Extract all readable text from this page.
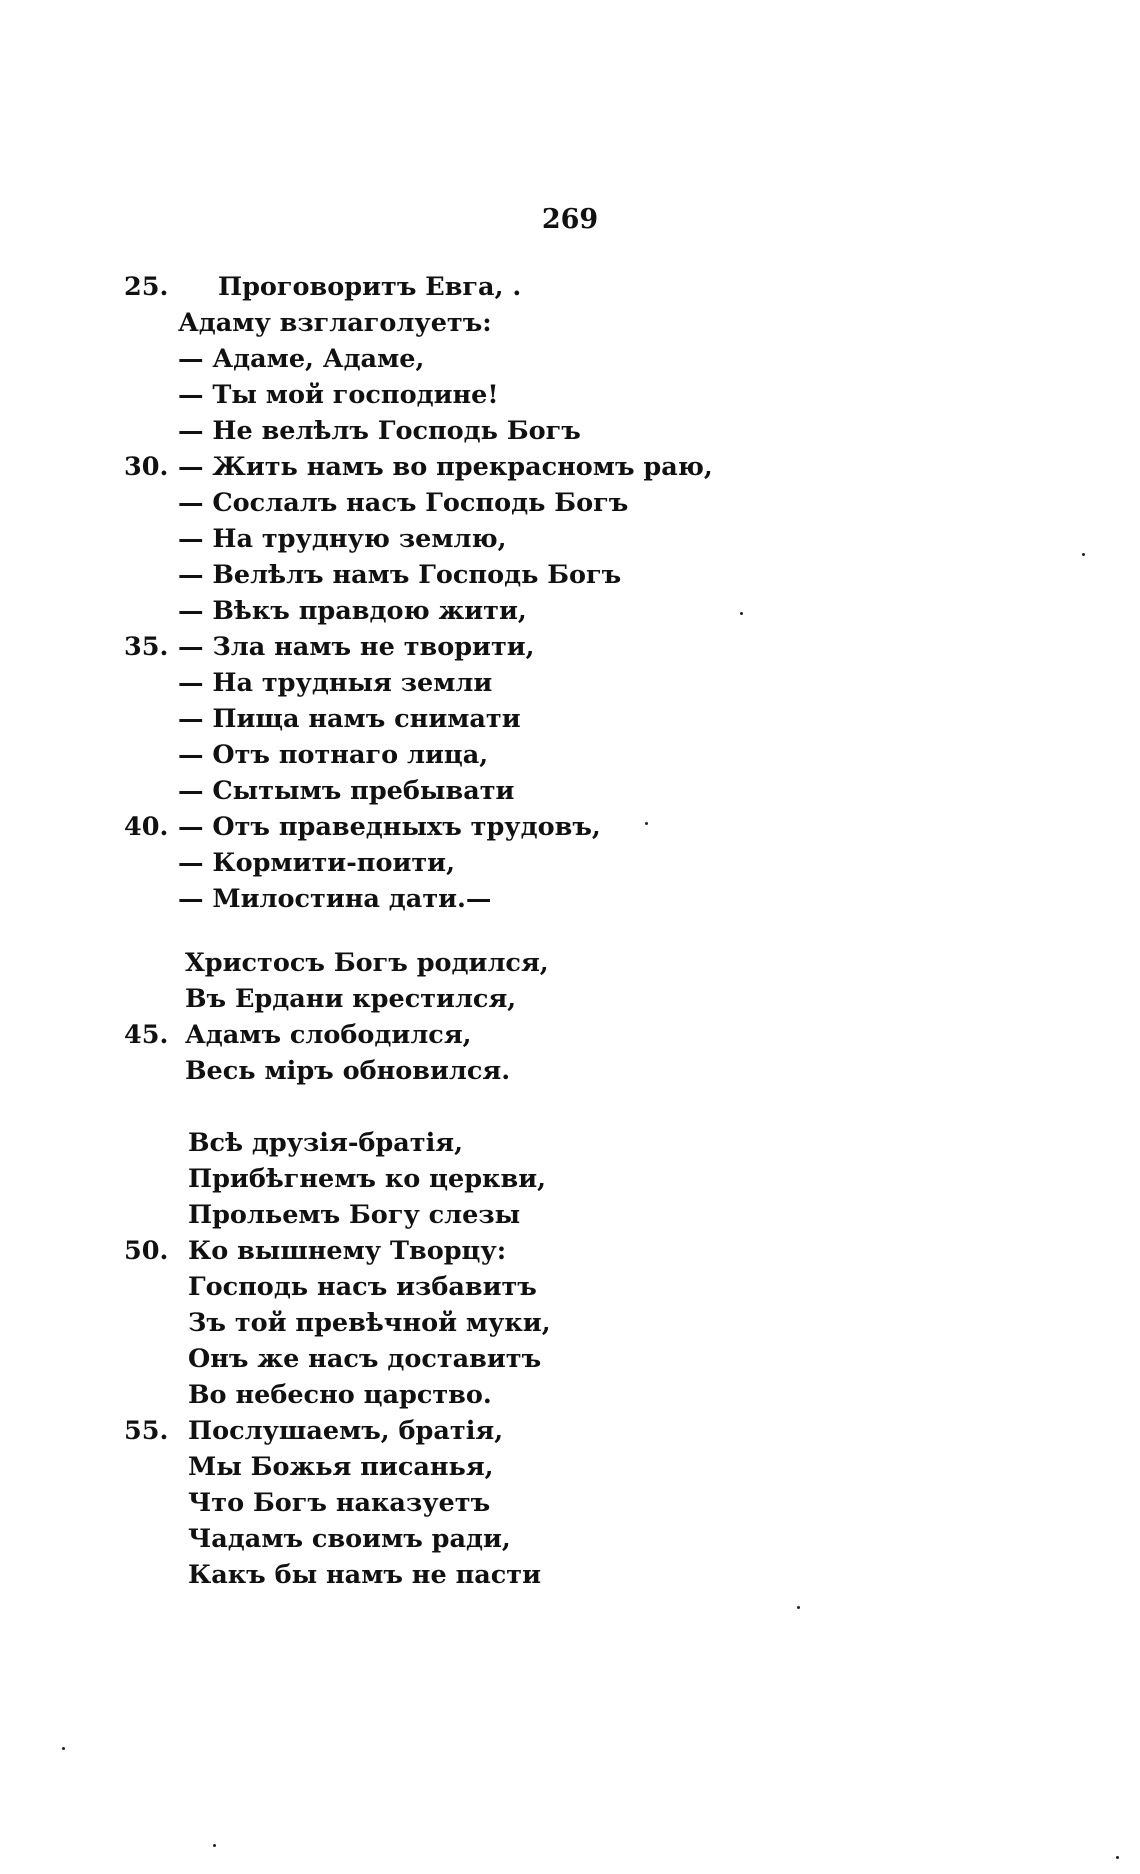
269
25.	Проговоритъ Евга, .
Адаму взглаголуетъ:
— Адаме, Адаме,
— Ты мой господине!
— Не велѣлъ Господь Богъ
30. — Жить намъ во прекрасномъ раю,
— Сослалъ насъ Господь Богъ
— На трудную землю,
— Велѣлъ намъ Господь Богъ
— Вѣкъ правдою жити,
35. — Зла намъ не творити,
— На трудныя земли
— Пища намъ снимати
— Отъ потнаго лица,
— Сытымъ пребывати
40. — Отъ праведныхъ трудовъ,
— Кормити-поити,
— Милостина дати.—
Христосъ Богъ родился,
Въ Ердани крестился,
45. Адамъ слободился,
Весь міръ обновился.
Всѣ друзія-братія,
Прибѣгнемъ ко церкви,
Прольемъ Богу слезы
50. Ко вышнему Творцу:
Господь насъ избавитъ
Зъ той превѣчной муки,
Онъ же насъ доставитъ
Во небесно царство.
55. Послушаемъ, братія,
Мы Божья писанья,
Что Богъ наказуетъ
Чадамъ своимъ ради,
Какъ бы намъ не пасти
